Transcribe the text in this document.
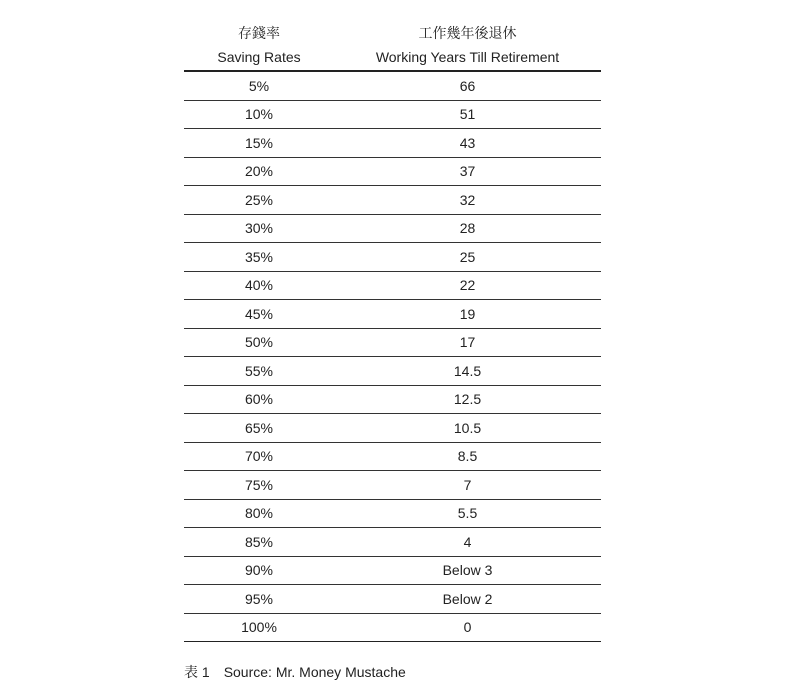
存錢率	工作幾年後退休
Saving Rates	Working Years Till Retirement
5%	66
10%	51
15%	43
20%	37
25%	32
30%	28
35%	25
40%	22
45%	19
50%	17
55%	14.5
60%	12.5
65%	10.5
70%	8.5
75%	7
80%	5.5
85%	4
90%	Below 3
95%	Below 2
100%	0
表 1 Source: Mr. Money Mustache
